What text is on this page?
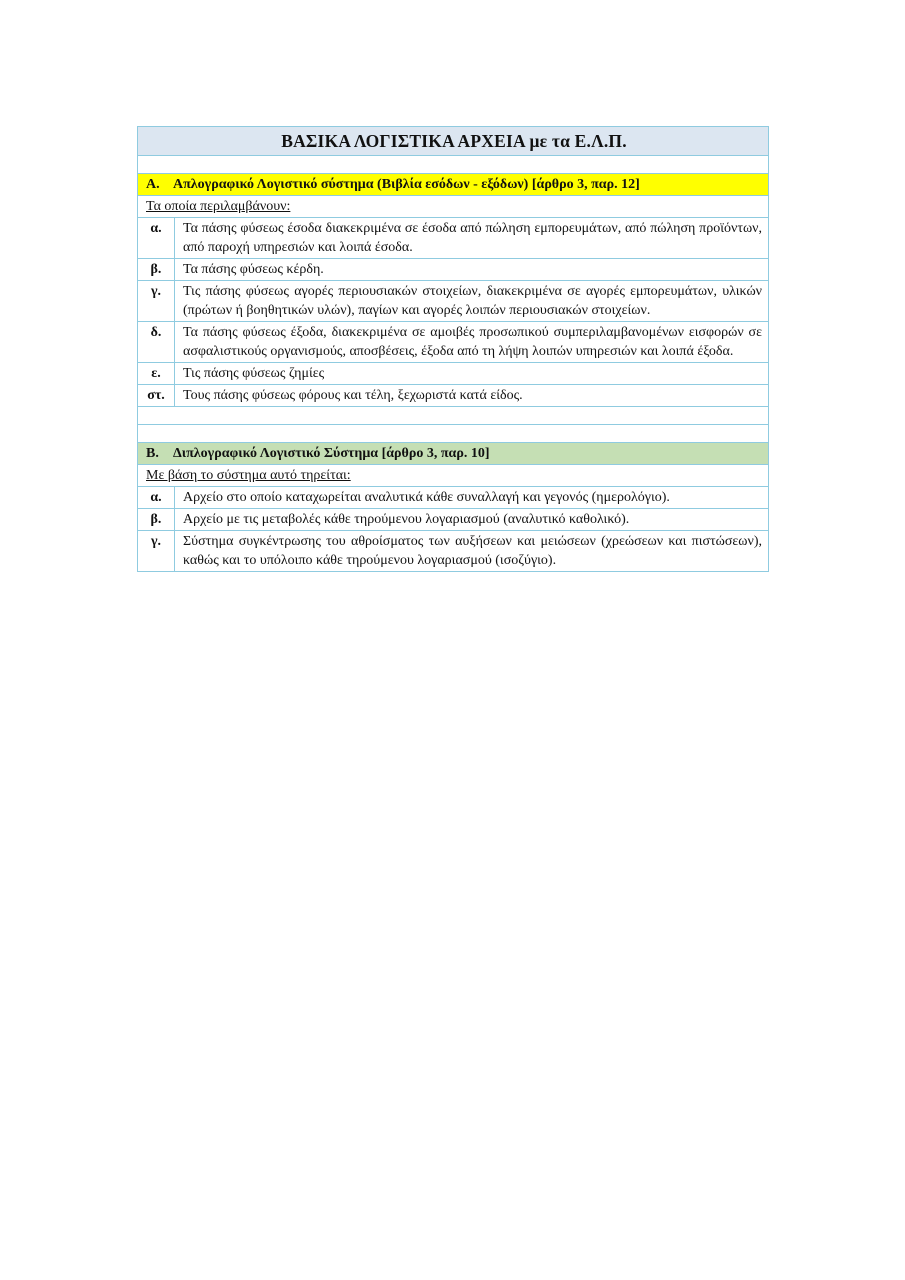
ΒΑΣΙΚΑ ΛΟΓΙΣΤΙΚΑ ΑΡΧΕΙΑ με τα Ε.Λ.Π.	

Α. Απλογραφικό Λογιστικό σύστημα (Βιβλία εσόδων - εξόδων) [άρθρο 3, παρ. 12]	
Τα οποία περιλαμβάνουν:	
α.	Τα πάσης φύσεως έσοδα διακεκριμένα σε έσοδα από πώληση εμπορευμάτων, από πώληση προϊόντων, από παροχή υπηρεσιών και λοιπά έσοδα.
β.	Τα πάσης φύσεως κέρδη.
γ.	Τις πάσης φύσεως αγορές περιουσιακών στοιχείων, διακεκριμένα σε αγορές εμπορευμάτων, υλικών (πρώτων ή βοηθητικών υλών), παγίων και αγορές λοιπών περιουσιακών στοιχείων.
δ.	Τα πάσης φύσεως έξοδα, διακεκριμένα σε αμοιβές προσωπικού συμπεριλαμβανομένων εισφορών σε ασφαλιστικούς οργανισμούς, αποσβέσεις, έξοδα από τη λήψη λοιπών υπηρεσιών και λοιπά έξοδα.
ε.	Τις πάσης φύσεως ζημίες
στ.	Τους πάσης φύσεως φόρους και τέλη, ξεχωριστά κατά είδος.

Β. Διπλογραφικό Λογιστικό Σύστημα [άρθρο 3, παρ. 10]	
Με βάση το σύστημα αυτό τηρείται:	
α.	Αρχείο στο οποίο καταχωρείται αναλυτικά κάθε συναλλαγή και γεγονός (ημερολόγιο).
β.	Αρχείο με τις μεταβολές κάθε τηρούμενου λογαριασμού (αναλυτικό καθολικό).
γ.	Σύστημα συγκέντρωσης του αθροίσματος των αυξήσεων και μειώσεων (χρεώσεων και πιστώσεων), καθώς και το υπόλοιπο κάθε τηρούμενου λογαριασμού (ισοζύγιο).
